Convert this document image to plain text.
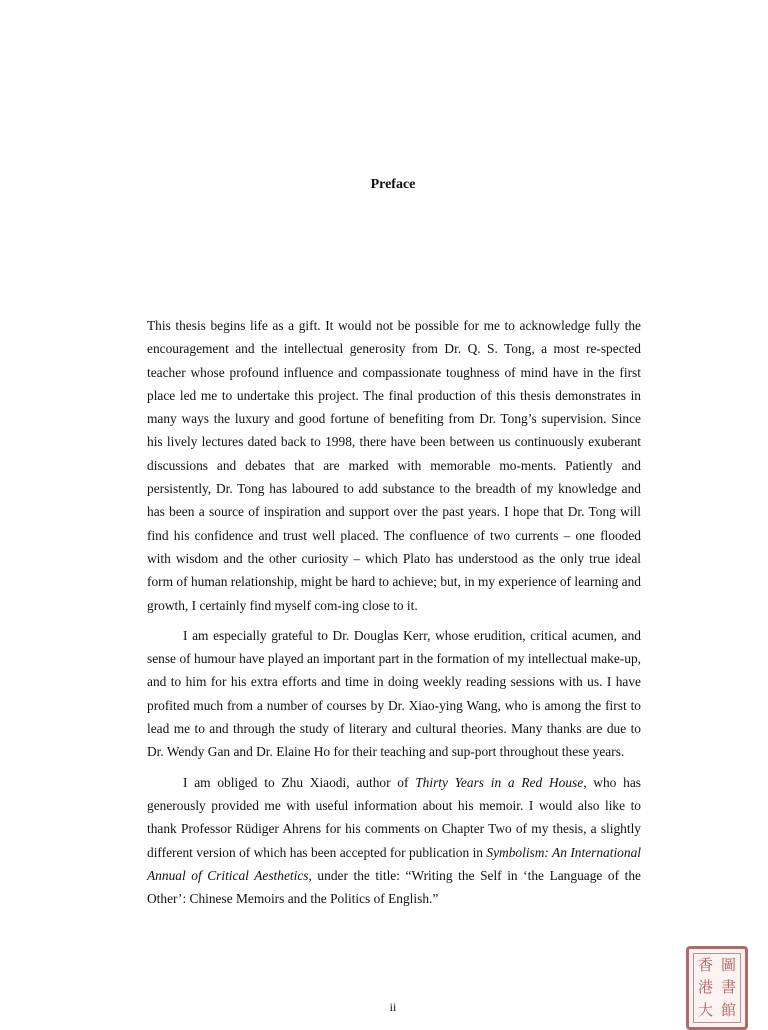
Preface

This thesis begins life as a gift. It would not be possible for me to acknowledge fully the encouragement and the intellectual generosity from Dr. Q. S. Tong, a most re-spected teacher whose profound influence and compassionate toughness of mind have in the first place led me to undertake this project. The final production of this thesis demonstrates in many ways the luxury and good fortune of benefiting from Dr. Tong’s supervision. Since his lively lectures dated back to 1998, there have been between us continuously exuberant discussions and debates that are marked with memorable mo-ments. Patiently and persistently, Dr. Tong has laboured to add substance to the breadth of my knowledge and has been a source of inspiration and support over the past years. I hope that Dr. Tong will find his confidence and trust well placed. The confluence of two currents – one flooded with wisdom and the other curiosity – which Plato has understood as the only true ideal form of human relationship, might be hard to achieve; but, in my experience of learning and growth, I certainly find myself com-ing close to it.

I am especially grateful to Dr. Douglas Kerr, whose erudition, critical acumen, and sense of humour have played an important part in the formation of my intellectual make-up, and to him for his extra efforts and time in doing weekly reading sessions with us. I have profited much from a number of courses by Dr. Xiao-ying Wang, who is among the first to lead me to and through the study of literary and cultural theories. Many thanks are due to Dr. Wendy Gan and Dr. Elaine Ho for their teaching and sup-port throughout these years.

I am obliged to Zhu Xiaodi, author of Thirty Years in a Red House, who has generously provided me with useful information about his memoir. I would also like to thank Professor Rüdiger Ahrens for his comments on Chapter Two of my thesis, a slightly different version of which has been accepted for publication in Symbolism: An International Annual of Critical Aesthetics, under the title: “Writing the Self in ‘the Language of the Other’: Chinese Memoirs and the Politics of English.”

ii
香 圖
港 書
大 館
